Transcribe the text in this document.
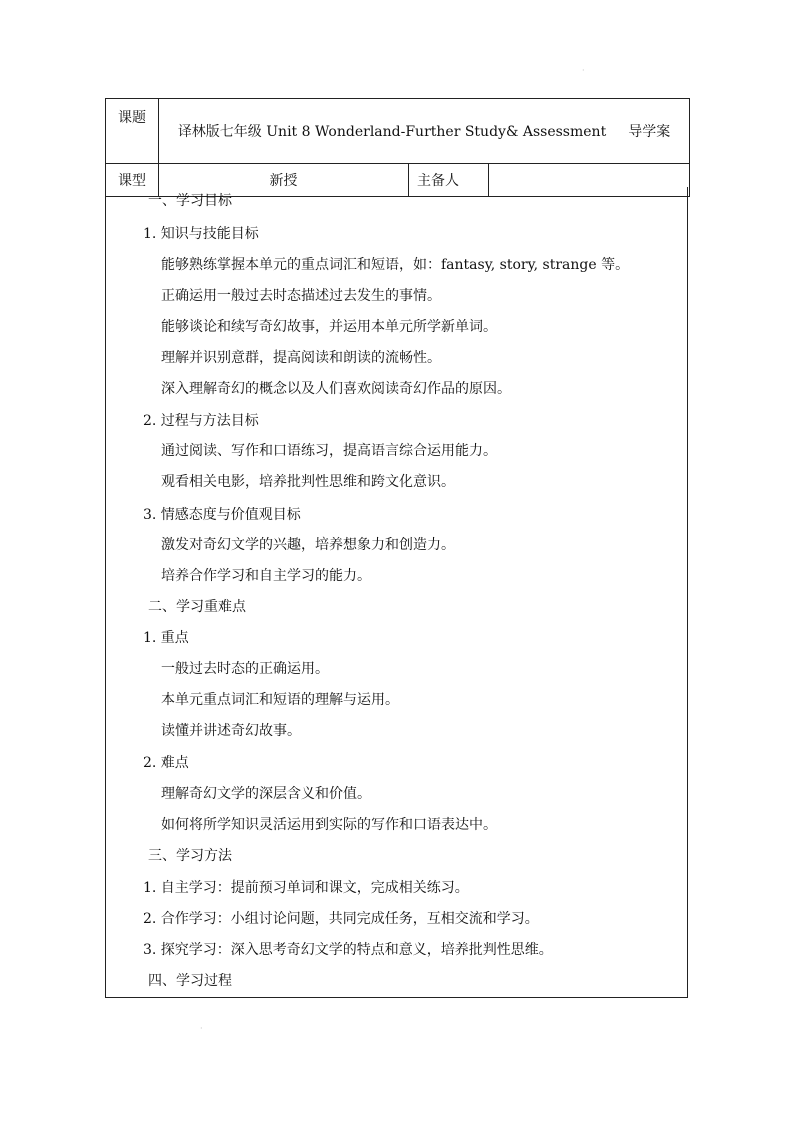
课题	译林版七年级 Unit 8 Wonderland-Further Study& Assessment 导学案		
课型	新授	主备人	
一、学习目标
1. 知识与技能目标
能够熟练掌握本单元的重点词汇和短语，如：fantasy, story, strange 等。
正确运用一般过去时态描述过去发生的事情。
能够谈论和续写奇幻故事，并运用本单元所学新单词。
理解并识别意群，提高阅读和朗读的流畅性。
深入理解奇幻的概念以及人们喜欢阅读奇幻作品的原因。
2. 过程与方法目标
通过阅读、写作和口语练习，提高语言综合运用能力。
观看相关电影，培养批判性思维和跨文化意识。
3. 情感态度与价值观目标
激发对奇幻文学的兴趣，培养想象力和创造力。
培养合作学习和自主学习的能力。
二、学习重难点
1. 重点
一般过去时态的正确运用。
本单元重点词汇和短语的理解与运用。
读懂并讲述奇幻故事。
2. 难点
理解奇幻文学的深层含义和价值。
如何将所学知识灵活运用到实际的写作和口语表达中。
三、学习方法
1. 自主学习：提前预习单词和课文，完成相关练习。
2. 合作学习：小组讨论问题，共同完成任务，互相交流和学习。
3. 探究学习：深入思考奇幻文学的特点和意义，培养批判性思维。
四、学习过程
·
·
